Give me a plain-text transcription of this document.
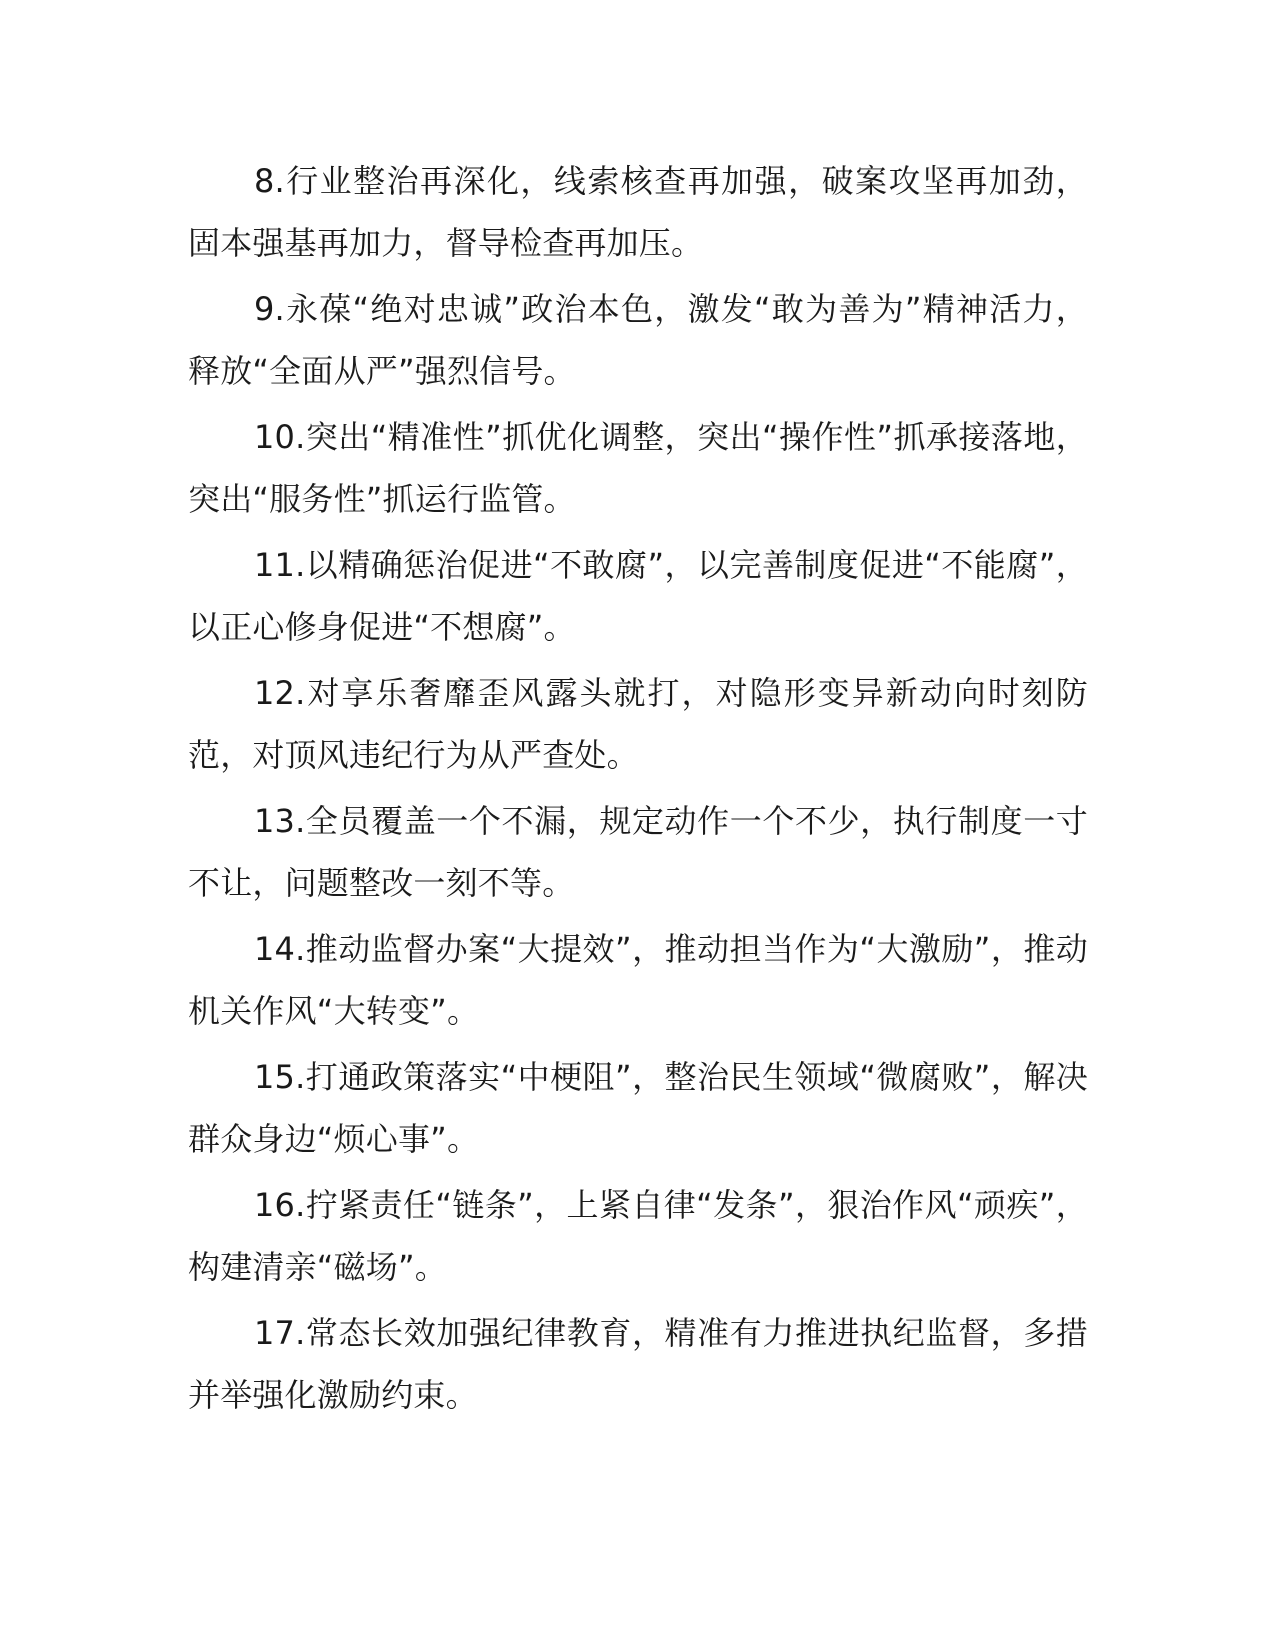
8.行业整治再深化，线索核查再加强，破案攻坚再加劲，固本强基再加力，督导检查再加压。

9.永葆“绝对忠诚”政治本色，激发“敢为善为”精神活力，释放“全面从严”强烈信号。

10.突出“精准性”抓优化调整，突出“操作性”抓承接落地，突出“服务性”抓运行监管。

11.以精确惩治促进“不敢腐”，以完善制度促进“不能腐”，以正心修身促进“不想腐”。

12.对享乐奢靡歪风露头就打，对隐形变异新动向时刻防范，对顶风违纪行为从严查处。

13.全员覆盖一个不漏，规定动作一个不少，执行制度一寸不让，问题整改一刻不等。

14.推动监督办案“大提效”，推动担当作为“大激励”，推动机关作风“大转变”。

15.打通政策落实“中梗阻”，整治民生领域“微腐败”，解决群众身边“烦心事”。

16.拧紧责任“链条”，上紧自律“发条”，狠治作风“顽疾”，构建清亲“磁场”。

17.常态长效加强纪律教育，精准有力推进执纪监督，多措并举强化激励约束。
